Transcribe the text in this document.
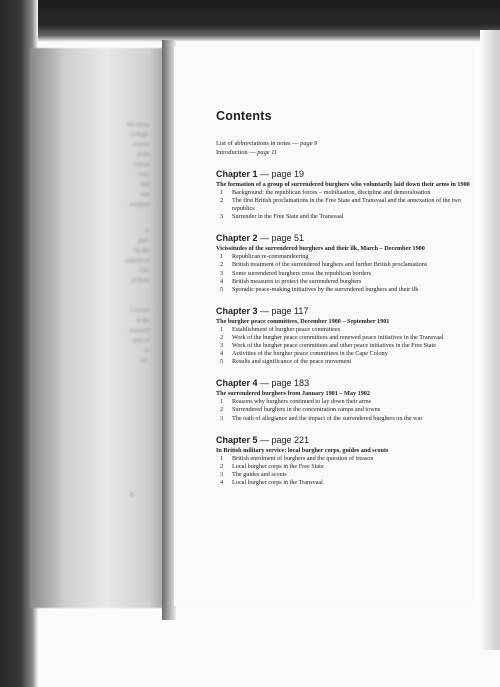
the many
to high-
a more
to be
whose
carry
had
that
tempted
in
peri-
by the
aspects of
This
of Boer
I would
at the
research
task of
an
ces.
x
Contents
List of abbreviations in notes — page 9
Introduction — page 11
Chapter 1 — page 19
The formation of a group of surrendered burghers who voluntarily laid down their arms in 1900
1	Background: the republican forces – mobilisation, discipline and demoralisation
2	The first British proclamations in the Free State and Transvaal and the annexation of the two republics
3	Surrender in the Free State and the Transvaal
Chapter 2 — page 51
Vicissitudes of the surrendered burghers and their ilk, March – December 1900
1	Republican re-commandeering
2	British treatment of the surrendered burghers and further British proclamations
3	Some surrendered burghers cross the republican borders
4	British measures to protect the surrendered burghers
5	Sporadic peace-making initiatives by the surrendered burghers and their ilk
Chapter 3 — page 117
The burgher peace committees, December 1900 – September 1901
1	Establishment of burgher peace committees
2	Work of the burgher peace committees and renewed peace initiatives in the Transvaal
3	Work of the burgher peace committees and other peace initiatives in the Free State
4	Activities of the burgher peace committees in the Cape Colony
5	Results and significance of the peace movement
Chapter 4 — page 183
The surrendered burghers from January 1901 – May 1902
1	Reasons why burghers continued to lay down their arms
2	Surrendered burghers in the concentration camps and towns
3	The oath of allegiance and the impact of the surrendered burghers on the war
Chapter 5 — page 221
In British military service: local burgher corps, guides and scouts
1	British enrolment of burghers and the question of treason
2	Local burgher corps in the Free State
3	The guides and scouts
4	Local burgher corps in the Transvaal
